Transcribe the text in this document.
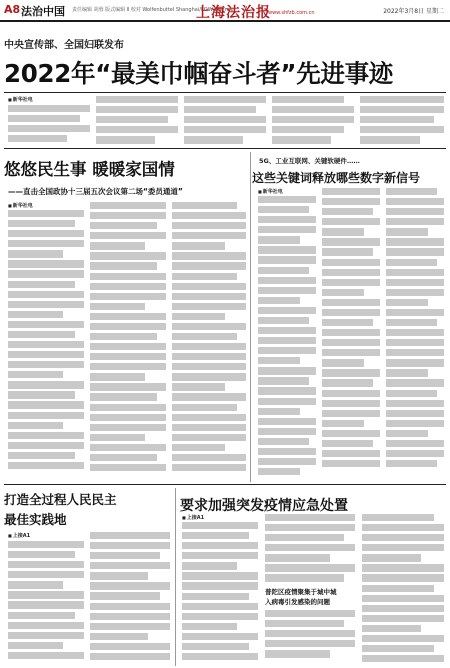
A8 法治中国 责任编辑 胡蓉 版式编辑 Ⅱ 校对 Wolfenbuttel Shanghai/FOW Science
上海法治报
www.shfzb.com.cn	2022年3月8日 星期二
中央宣传部、全国妇联发布
2022年“最美巾帼奋斗者”先进事迹
■ 新华社电
悠悠民生事 暖暖家国情
——直击全国政协十三届五次会议第二场“委员通道”
■ 新华社电
5G、工业互联网、关键软硬件……
这些关键词释放哪些数字新信号
■ 新华社电
打造全过程人民民主
最佳实践地
■ 上接A1
要求加强突发疫情应急处置
■ 上接A1
普陀区疫情聚集于城中城
入病毒引发感染的问题
